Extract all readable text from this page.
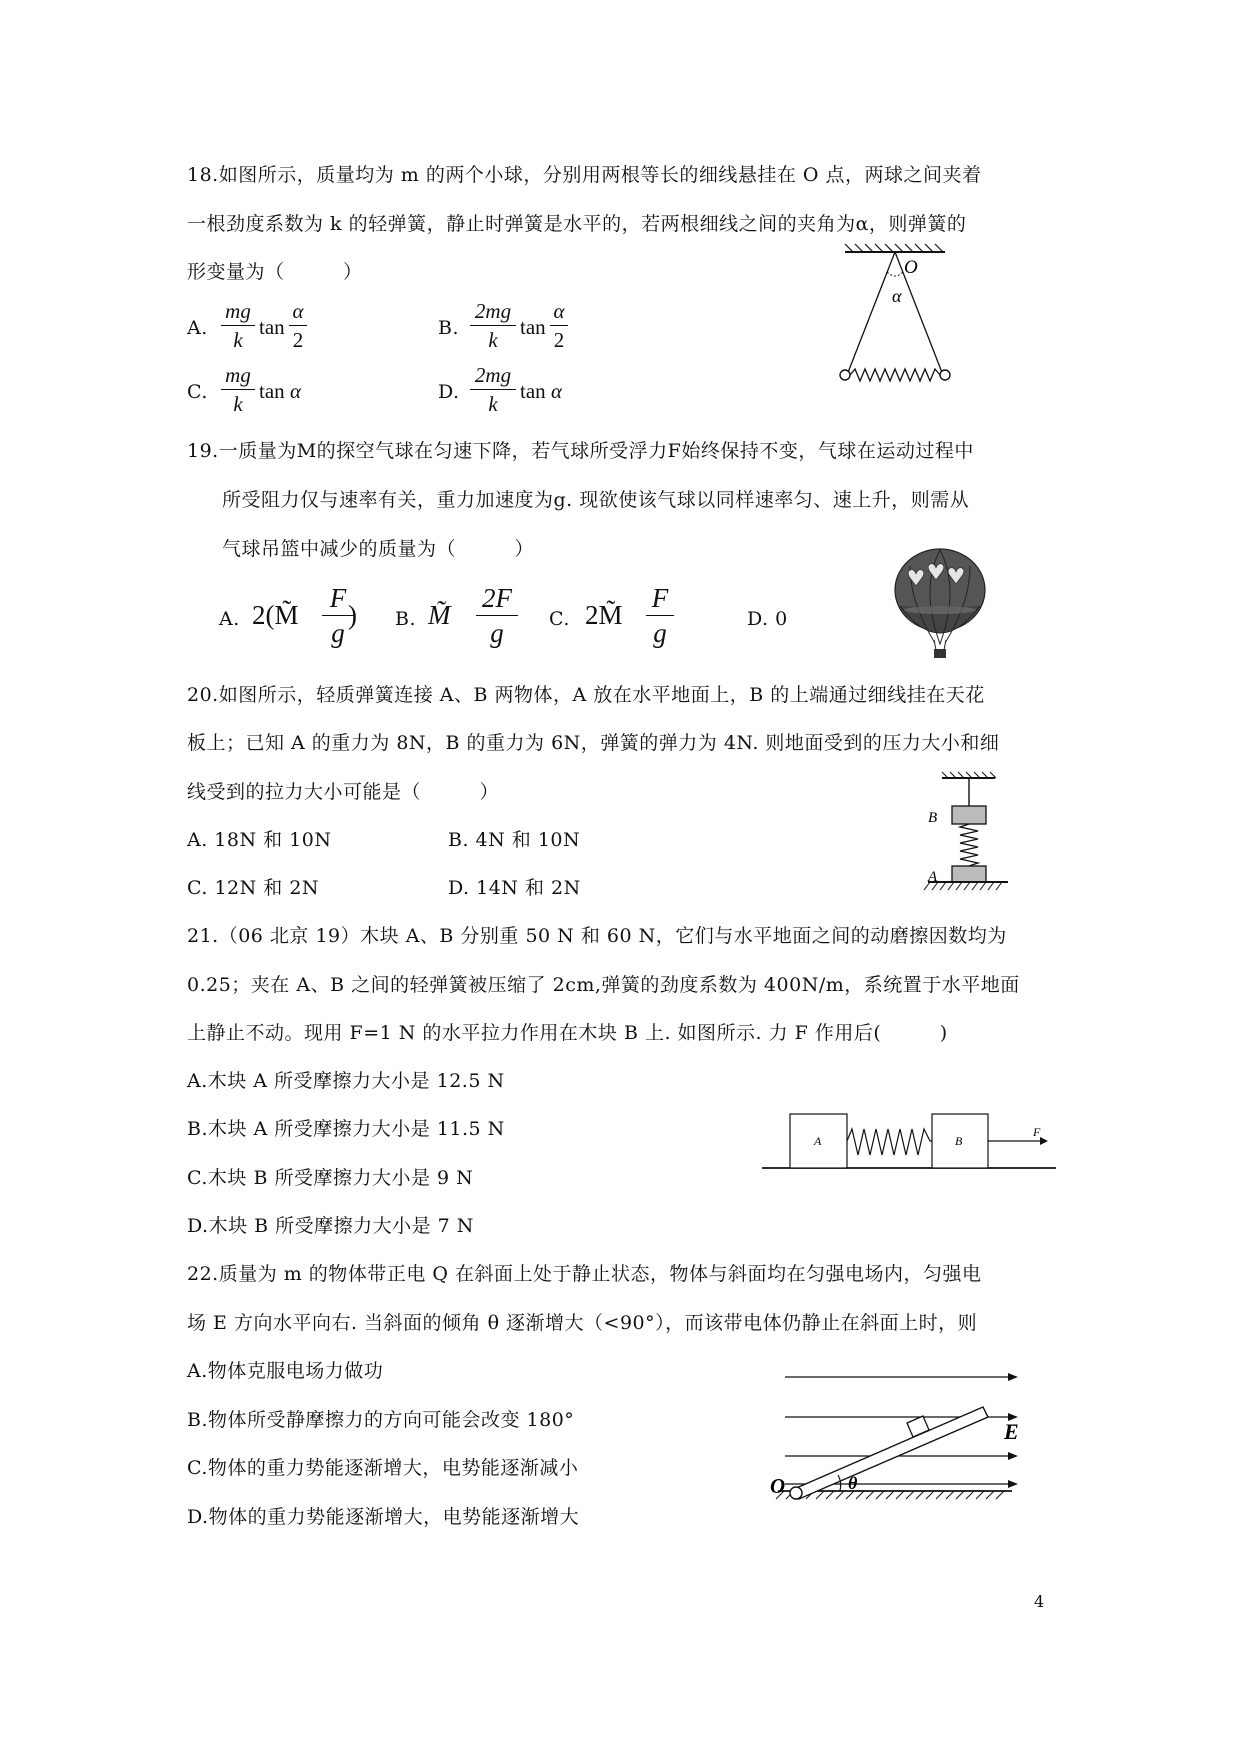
18.如图所示，质量均为 m 的两个小球，分别用两根等长的细线悬挂在 O 点，两球之间夹着
一根劲度系数为 k 的轻弹簧，静止时弹簧是水平的，若两根细线之间的夹角为α，则弹簧的
形变量为（　　　）
A.
mg
k
tan
α
2	B.
2mg
k
tan
α
2
C.
mg
k
tan α	D.
2mg
k
tan α
O
α
19.一质量为M的探空气球在匀速下降，若气球所受浮力F始终保持不变，气球在运动过程中
所受阻力仅与速率有关，重力加速度为g. 现欲使该气球以同样速率匀、速上升，则需从
气球吊篮中减少的质量为（　　　）
A. 2(M̃
F
g
) B. M̃
2F
g	C. 2M̃
F
g	D. 0
20.如图所示，轻质弹簧连接 A、B 两物体，A 放在水平地面上，B 的上端通过细线挂在天花
板上；已知 A 的重力为 8N，B 的重力为 6N，弹簧的弹力为 4N. 则地面受到的压力大小和细
线受到的拉力大小可能是（　　　）
A. 18N 和 10N	B. 4N 和 10N
C. 12N 和 2N	D. 14N 和 2N
B
A
21.（06 北京 19）木块 A、B 分别重 50 N 和 60 N，它们与水平地面之间的动磨擦因数均为
0.25；夹在 A、B 之间的轻弹簧被压缩了 2cm,弹簧的劲度系数为 400N/m，系统置于水平地面
上静止不动。现用 F=1 N 的水平拉力作用在木块 B 上. 如图所示. 力 F 作用后(　　　)
A.木块 A 所受摩擦力大小是 12.5 N
B.木块 A 所受摩擦力大小是 11.5 N
C.木块 B 所受摩擦力大小是 9 N
D.木块 B 所受摩擦力大小是 7 N
A	B
F
22.质量为 m 的物体带正电 Q 在斜面上处于静止状态，物体与斜面均在匀强电场内，匀强电
场 E 方向水平向右. 当斜面的倾角 θ 逐渐增大（<90°），而该带电体仍静止在斜面上时，则
A.物体克服电场力做功
B.物体所受静摩擦力的方向可能会改变 180°
C.物体的重力势能逐渐增大，电势能逐渐减小
D.物体的重力势能逐渐增大，电势能逐渐增大
E
O	θ
4
